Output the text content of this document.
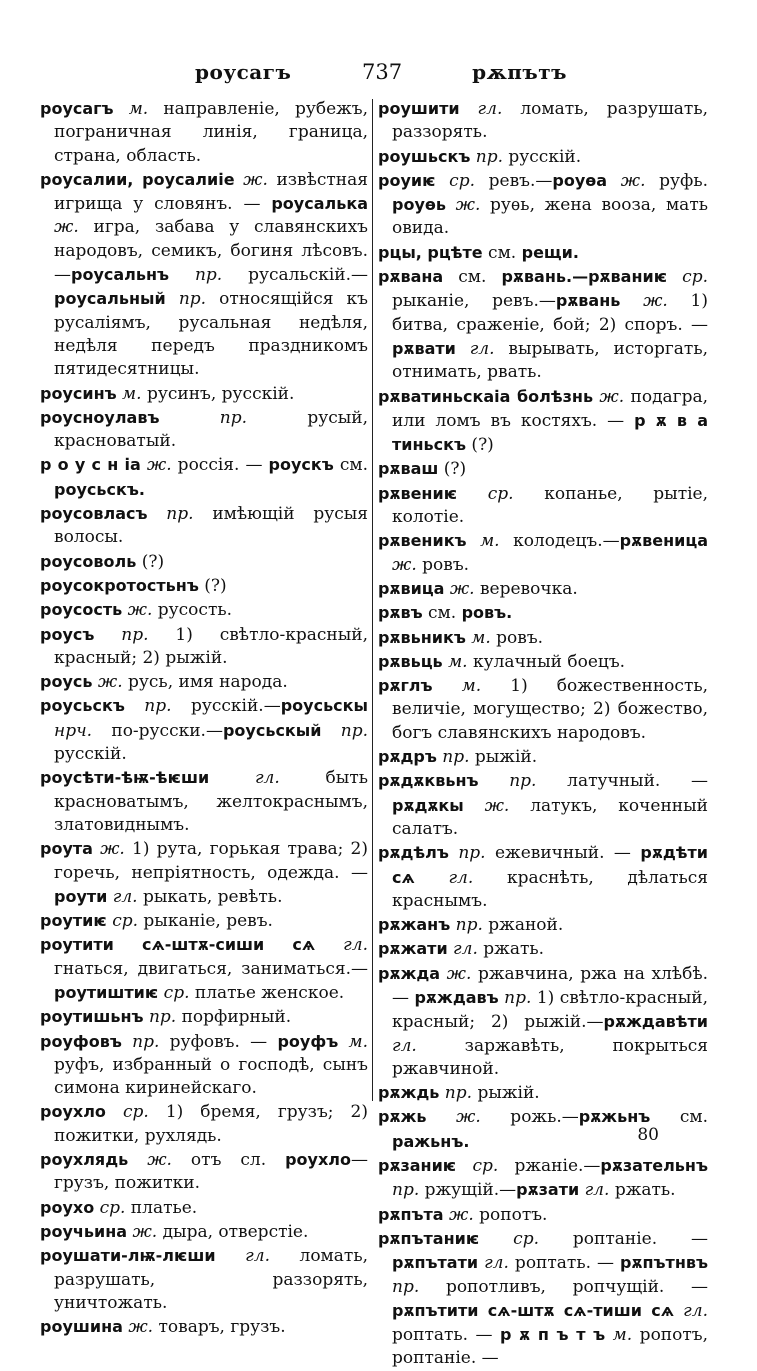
роусагъ	737	рѫпътъ
роусагъ м. направленіе, рубежъ, пограничная линія, граница, страна, область.
роусалии, роусалиіе ж. извѣстная игрища у словянъ. — роусалька ж. игра, забава у славянскихъ народовъ, семикъ, богиня лѣсовъ.—роусальнъ пр. русальскій.—роусальный пр. относящійся къ русаліямъ, русальная недѣля, недѣля передъ праздникомъ пятидесятницы.
роусинъ м. русинъ, русскій.
роусноулавъ пр. русый, красноватый.
р о у с н іа ж. россія. — роускъ см. роусьскъ.
роусовласъ пр. имѣющій русыя волосы.
роусоволь (?)
роусокротостьнъ (?)
роусость ж. русость.
роусъ пр. 1) свѣтло-красный, красный; 2) рыжій.
роусь ж. русь, имя народа.
роусьскъ пр. русскій.—роусьскы нрч. по-русски.—роусьскый пр. русскій.
роусѣти-ѣѭ-ѣѥши гл. быть красноватымъ, желтокраснымъ, златовиднымъ.
роута ж. 1) рута, горькая трава; 2) горечь, непріятность, одежда. — роути гл. рыкать, ревѣть.
роутиѥ ср. рыканіе, ревъ.
роутити сѧ-штѫ-сиши сѧ гл. гнаться, двигаться, заниматься.—роутиштиѥ ср. платье женское.
роутишьнъ пр. порфирный.
роуфовъ пр. руфовъ. — роуфъ м. руфъ, избранный о господѣ, сынъ симона киринейскаго.
роухло ср. 1) бремя, грузъ; 2) пожитки, рухлядь.
роухлядь ж. отъ сл. роухло—грузъ, пожитки.
роухо ср. платье.
роучьина ж. дыра, отверстіе.
роушати-лѭ-лѥши гл. ломать, разрушать, раззорять, уничтожать.
роушина ж. товаръ, грузъ.
роушити гл. ломать, разрушать, раззорять.
роушьскъ пр. русскій.
роуиѥ ср. ревъ.—роуѳа ж. руфь. роуѳь ж. руѳь, жена вооза, мать овида.
рцы, рцѣте см. рещи.
рѫвана см. рѫвань.—рѫваниѥ ср. рыканіе, ревъ.—рѫвань ж. 1) битва, сраженіе, бой; 2) споръ. — рѫвати гл. вырывать, исторгать, отнимать, рвать.
рѫватиньскаіа болѣзнь ж. подагра, или ломъ въ костяхъ. — р ѫ в а тиньскъ (?)
рѫваш (?)
рѫвениѥ ср. копанье, рытіе, колотіе.
рѫвеникъ м. колодецъ.—рѫвеница ж. ровъ.
рѫвица ж. веревочка.
рѫвъ см. ровъ.
рѫвьникъ м. ровъ.
рѫвьць м. кулачный боецъ.
рѫглъ м. 1) божественность, величіе, могущество; 2) божество, богъ славянскихъ народовъ.
рѫдръ пр. рыжій.
рѫдѫквьнъ пр. латучный. — рѫдѫкы ж. латукъ, коченный салатъ.
рѫдѣлъ пр. ежевичный. — рѫдѣти сѧ гл. краснѣть, дѣлаться краснымъ.
рѫжанъ пр. ржаной.
рѫжати гл. ржать.
рѫжда ж. ржавчина, ржа на хлѣбѣ. — рѫждавъ пр. 1) свѣтло-красный, красный; 2) рыжій.—рѫждавѣти гл. заржавѣть, покрыться ржавчиной.
рѫждь пр. рыжій.
рѫжь ж. рожь.—рѫжьнъ см. ражьнъ.
рѫзаниѥ ср. ржаніе.—рѫзательнъ пр. ржущій.—рѫзати гл. ржать.
рѫпъта ж. ропотъ.
рѫпътаниѥ ср. роптаніе. — рѫпътати гл. роптать. — рѫпътнвъ пр. ропотливъ, ропчущій. — рѫпътити сѧ-штѫ сѧ-тиши сѧ гл. роптать. — р ѫ п ъ т ъ м. ропотъ, роптаніе. —
80
